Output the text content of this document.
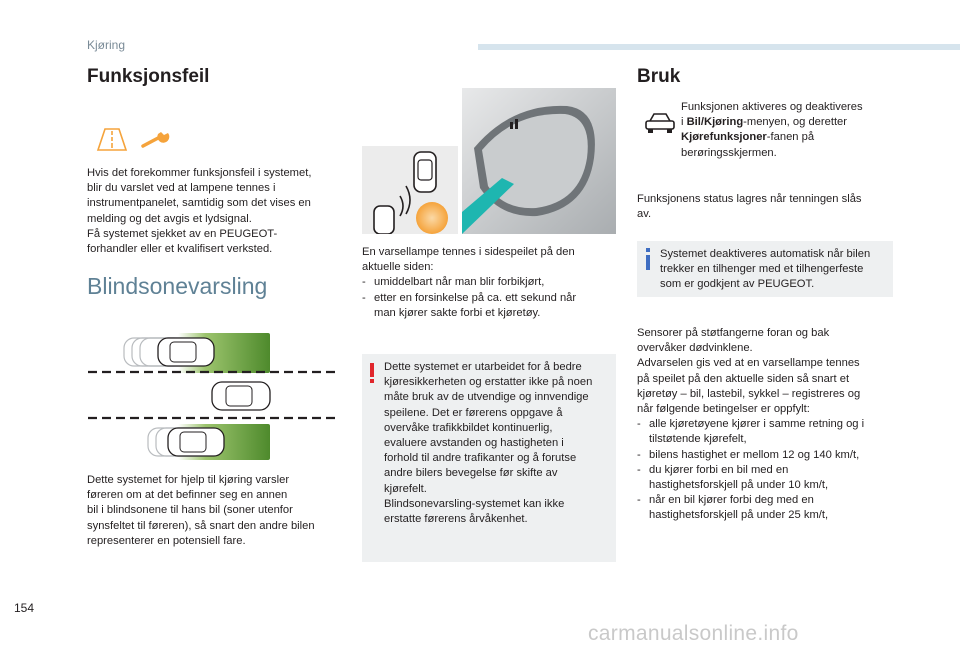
Kjøring
Funksjonsfeil

Hvis det forekommer funksjonsfeil i systemet,

blir du varslet ved at lampene tennes i

instrumentpanelet, samtidig som det vises en

melding og det avgis et lydsignal.

Få systemet sjekket av en PEUGEOT-

forhandler eller et kvalifisert verksted.

Blindsonevarsling

Dette systemet for hjelp til kjøring varsler

føreren om at det befinner seg en annen

bil i blindsonene til hans bil (soner utenfor

synsfeltet til føreren), så snart den andre bilen

representerer en potensiell fare.

En varsellampe tennes i sidespeilet på den

aktuelle siden:

- umiddelbart når man blir forbikjørt,
- etter en forsinkelse på ca. ett sekund når
man kjører sakte forbi et kjøretøy.

Dette systemet er utarbeidet for å bedre

kjøresikkerheten og erstatter ikke på noen

måte bruk av de utvendige og innvendige

speilene. Det er førerens oppgave å

overvåke trafikkbildet kontinuerlig,

evaluere avstanden og hastigheten i

forhold til andre trafikanter og å forutse

andre bilers bevegelse før skifte av

kjørefelt.

Blindsonevarsling-systemet kan ikke

erstatte førerens årvåkenhet.

Bruk

Funksjonen aktiveres og deaktiveres

i Bil/Kjøring-menyen, og deretter

Kjørefunksjoner-fanen på

berøringsskjermen.

Funksjonens status lagres når tenningen slås

av.

Systemet deaktiveres automatisk når bilen

trekker en tilhenger med et tilhengerfeste

som er godkjent av PEUGEOT.

Sensorer på støtfangerne foran og bak

overvåker dødvinklene.

Advarselen gis ved at en varsellampe tennes

på speilet på den aktuelle siden så snart et

kjøretøy – bil, lastebil, sykkel – registreres og

når følgende betingelser er oppfylt:

- alle kjøretøyene kjører i samme retning og i
tilstøtende kjørefelt,
- bilens hastighet er mellom 12 og 140 km/t,
- du kjører forbi en bil med en
hastighetsforskjell på under 10 km/t,
- når en bil kjører forbi deg med en
hastighetsforskjell på under 25 km/t,
154
carmanualsonline.info
